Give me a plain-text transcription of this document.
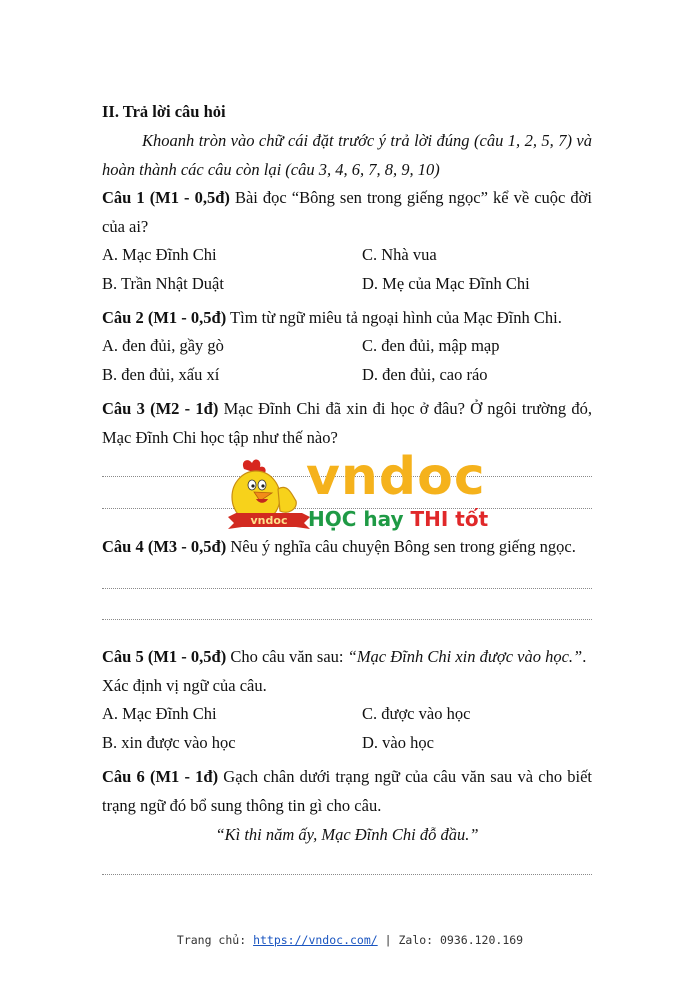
II. Trả lời câu hỏi
Khoanh tròn vào chữ cái đặt trước ý trả lời đúng (câu 1, 2, 5, 7) và
hoàn thành các câu còn lại (câu 3, 4, 6, 7, 8, 9, 10)
Câu 1 (M1 - 0,5đ) Bài đọc “Bông sen trong giếng ngọc” kể về cuộc đời
của ai?
A. Mạc Đĩnh Chi	C. Nhà vua
B. Trần Nhật Duật	D. Mẹ của Mạc Đĩnh Chi
Câu 2 (M1 - 0,5đ) Tìm từ ngữ miêu tả ngoại hình của Mạc Đĩnh Chi.
A. đen đủi, gầy gò	C. đen đủi, mập mạp
B. đen đủi, xấu xí	D. đen đủi, cao ráo
Câu 3 (M2 - 1đ) Mạc Đĩnh Chi đã xin đi học ở đâu? Ở ngôi trường đó,
Mạc Đĩnh Chi học tập như thế nào?
vndoc
vndoc
HỌC hay THI tốt
Câu 4 (M3 - 0,5đ) Nêu ý nghĩa câu chuyện Bông sen trong giếng ngọc.
Câu 5 (M1 - 0,5đ) Cho câu văn sau: “Mạc Đĩnh Chi xin được vào học.”.
Xác định vị ngữ của câu.
A. Mạc Đĩnh Chi	C. được vào học
B. xin được vào học	D. vào học
Câu 6 (M1 - 1đ) Gạch chân dưới trạng ngữ của câu văn sau và cho biết
trạng ngữ đó bổ sung thông tin gì cho câu.
“Kì thi năm ấy, Mạc Đĩnh Chi đỗ đầu.”
Trang chủ: https://vndoc.com/ | Zalo: 0936.120.169
